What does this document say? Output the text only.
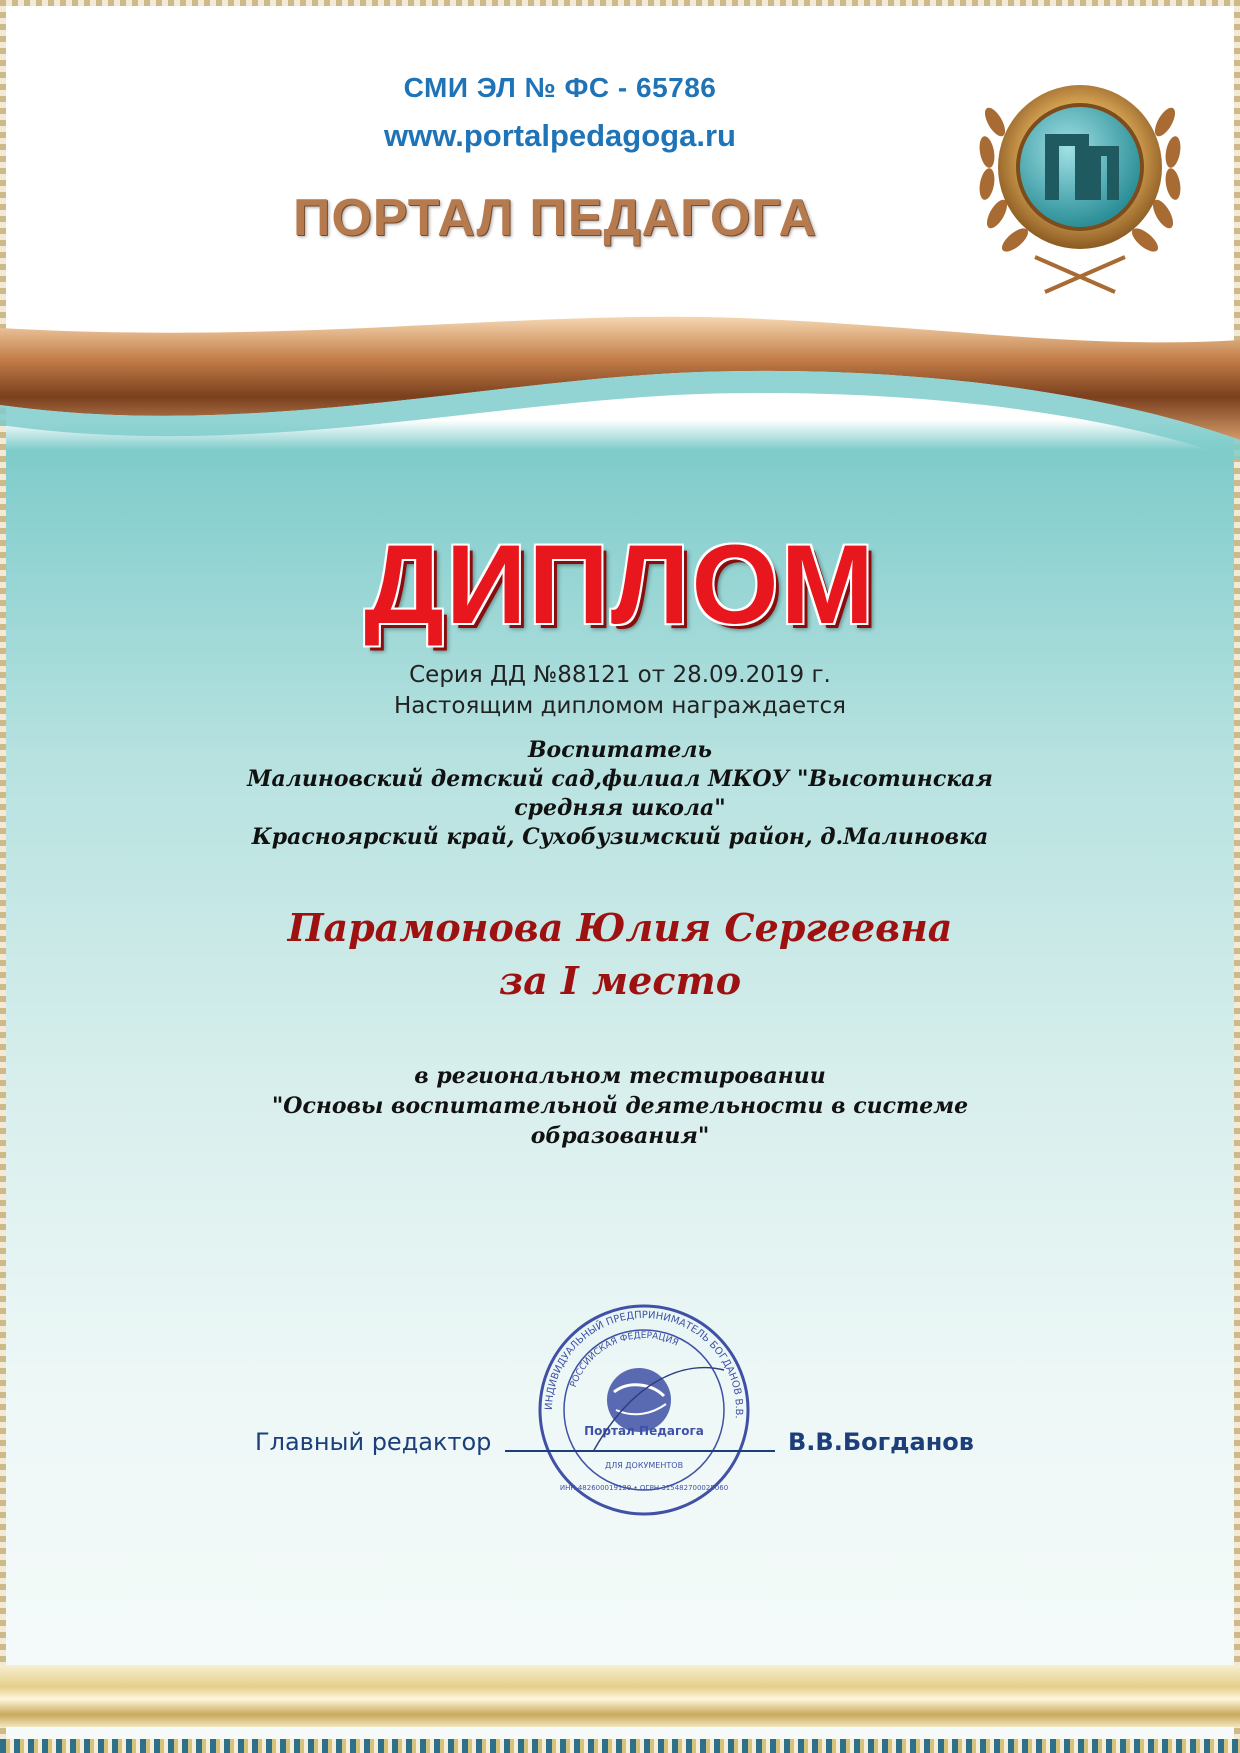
СМИ ЭЛ № ФС - 65786

www.portalpedagoga.ru

ПОРТАЛ ПЕДАГОГА

ДИПЛОМ

Серия ДД №88121 от 28.09.2019 г.

Настоящим дипломом награждается

Воспитатель

Малиновский детский сад,филиал МКОУ "Высотинская

средняя школа"

Красноярский край, Сухобузимский район, д.Малиновка

Парамонова Юлия Сергеевна

за I место

в региональном тестировании

"Основы воспитательной деятельности в системе

образования"

ИНДИВИДУАЛЬНЫЙ ПРЕДПРИНИМАТЕЛЬ БОГДАНОВ В.В.
РОССИЙСКАЯ ФЕДЕРАЦИЯ
Портал Педагога
ДЛЯ ДОКУМЕНТОВ
ИНН 482600019129 • ОГРН 315482700025060

Главный редактор	В.В.Богданов
